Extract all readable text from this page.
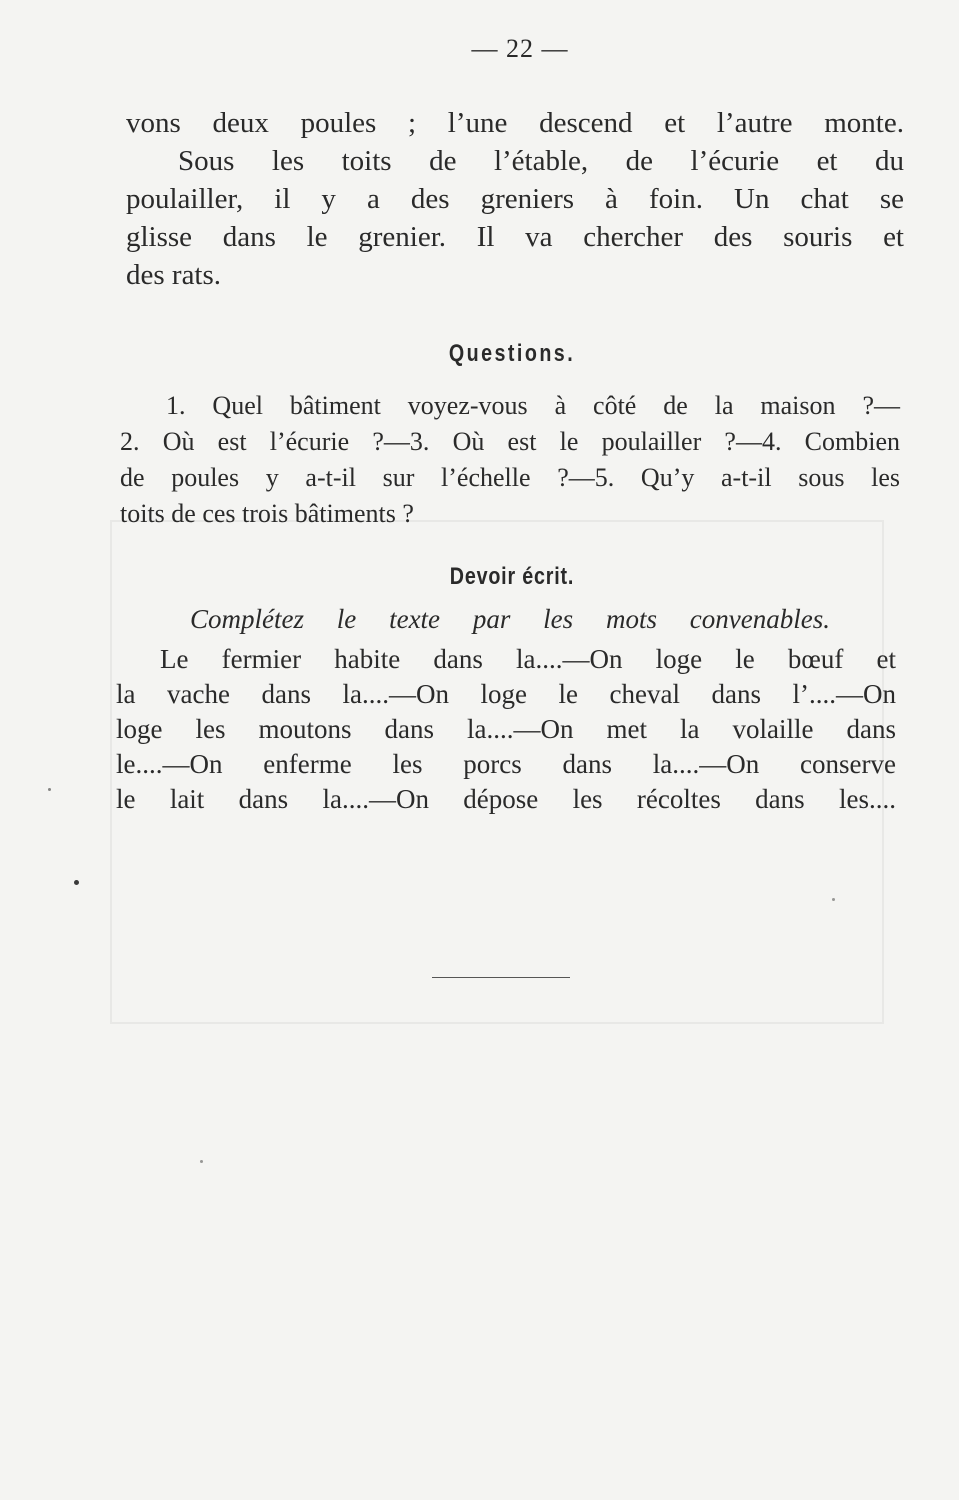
— 22 —
vons deux poules ; l’une descend et l’autre monte.
Sous les toits de l’étable, de l’écurie et du
poulailler, il y a des greniers à foin. Un chat se
glisse dans le grenier. Il va chercher des souris et
des rats.
Questions.
1. Quel bâtiment voyez-vous à côté de la maison ?—
2. Où est l’écurie ?—3. Où est le poulailler ?—4. Combien
de poules y a-t-il sur l’échelle ?—5. Qu’y a-t-il sous les
toits de ces trois bâtiments ?
Devoir écrit.
Complétez le texte par les mots convenables.
Le fermier habite dans la....—On loge le bœuf et
la vache dans la....—On loge le cheval dans l’....—On
loge les moutons dans la....—On met la volaille dans
le....—On enferme les porcs dans la....—On conserve
le lait dans la....—On dépose les récoltes dans les....
